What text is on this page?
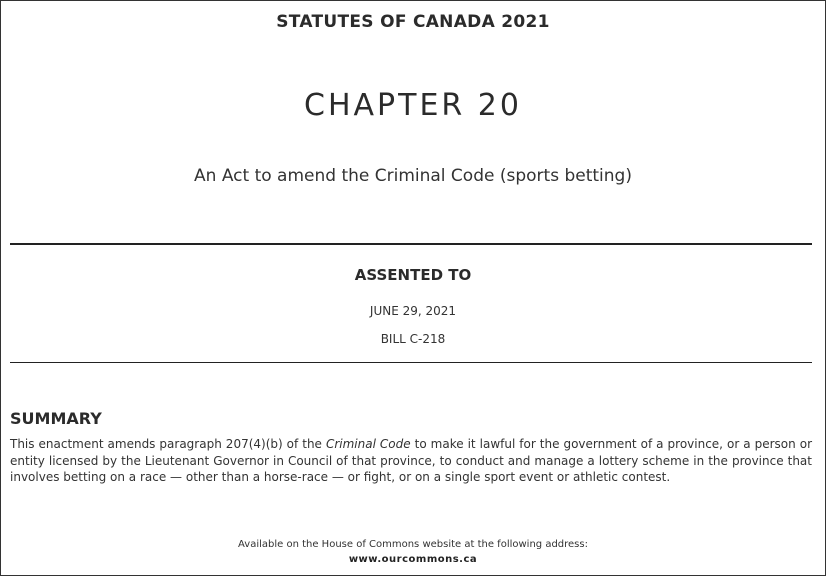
STATUTES OF CANADA 2021
CHAPTER 20
An Act to amend the Criminal Code (sports betting)
ASSENTED TO
JUNE 29, 2021
BILL C-218
SUMMARY
This enactment amends paragraph 207(4)(b) of the Criminal Code to make it lawful for the government of a province, or a person or entity licensed by the Lieutenant Governor in Council of that province, to conduct and manage a lottery scheme in the province that involves betting on a race — other than a horse-race — or fight, or on a single sport event or athletic contest.
Available on the House of Commons website at the following address:
www.ourcommons.ca
